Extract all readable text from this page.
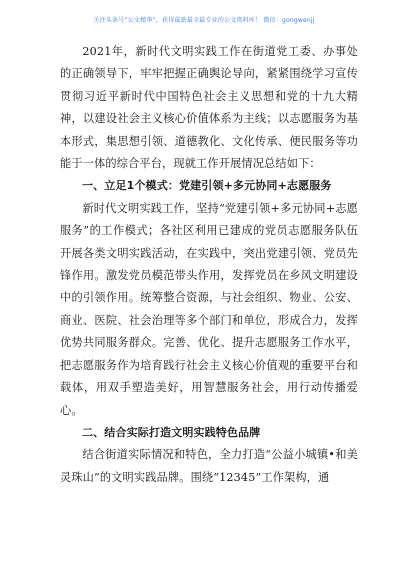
关注头条号“公文精华”，获得最新最全最专业的公文资料库！ 微信：gongwenjj

2021年，新时代文明实践工作在街道党工委、办事处的正确领导下，牢牢把握正确舆论导向，紧紧围绕学习宣传贯彻习近平新时代中国特色社会主义思想和党的十九大精神，以建设社会主义核心价值体系为主线；以志愿服务为基本形式，集思想引领、道德教化、文化传承、便民服务等功能于一体的综合平台，现就工作开展情况总结如下：

一、立足1个模式：党建引领+多元协同+志愿服务

新时代文明实践工作，坚持“党建引领+多元协同+志愿服务”的工作模式；各社区利用已建成的党员志愿服务队伍开展各类文明实践活动，在实践中，突出党建引领、党员先锋作用。激发党员模范带头作用，发挥党员在乡风文明建设中的引领作用。统筹整合资源，与社会组织、物业、公安、商业、医院、社会治理等多个部门和单位，形成合力，发挥优势共同服务群众。完善、优化、提升志愿服务工作水平，把志愿服务作为培育践行社会主义核心价值观的重要平台和载体，用双手塑造美好，用智慧服务社会，用行动传播爱心。

二、结合实际打造文明实践特色品牌

结合街道实际情况和特色，全力打造“公益小城镇•和美灵珠山”的文明实践品牌。围绕“12345”工作架构，通
